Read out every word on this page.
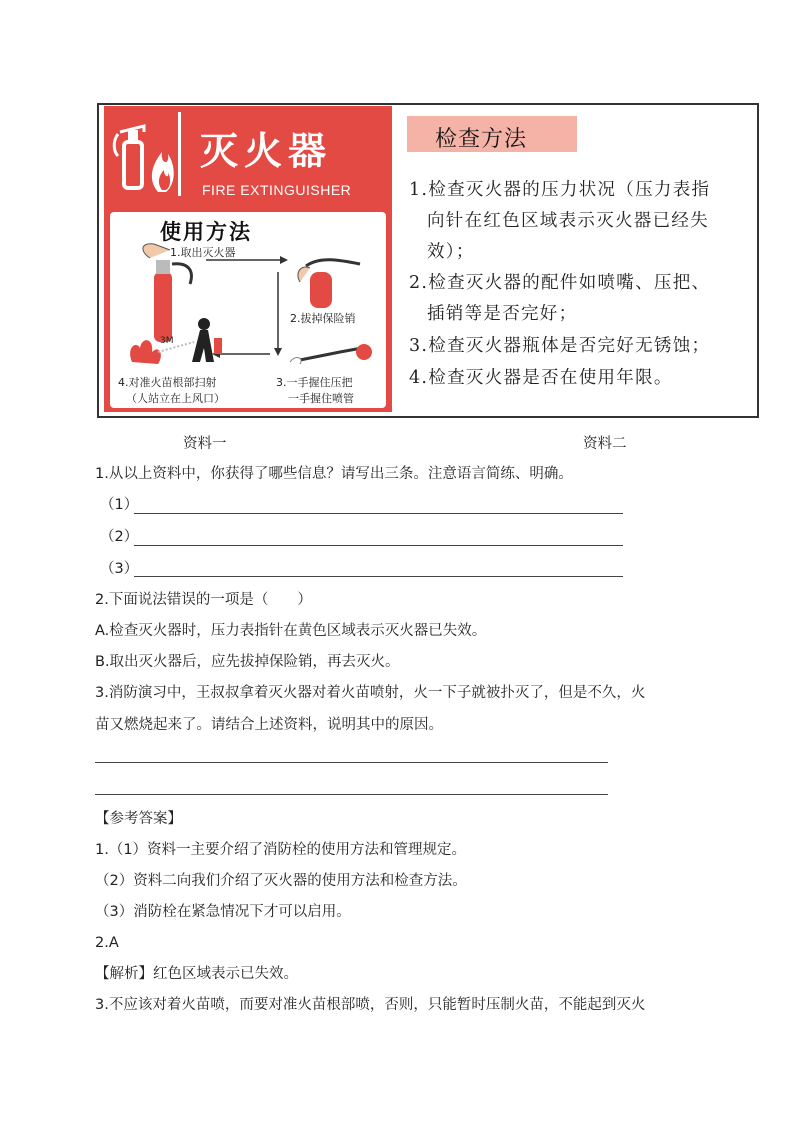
灭火器
FIRE EXTINGUISHER
使用方法
1.取出灭火器
2.拔掉保险销
3M
3.一手握住压把
一手握住喷管
4.对准火苗根部扫射
（人站立在上风口）
检查方法
1.检查灭火器的压力状况（压力表指
向针在红色区域表示灭火器已经失
效）；
2.检查灭火器的配件如喷嘴、压把、
插销等是否完好；
3.检查灭火器瓶体是否完好无锈蚀；
4.检查灭火器是否在使用年限。
资料一	资料二
1.从以上资料中，你获得了哪些信息？请写出三条。注意语言简练、明确。
（1）
（2）
（3）
2.下面说法错误的一项是（　　）
A.检查灭火器时，压力表指针在黄色区域表示灭火器已失效。
B.取出灭火器后，应先拔掉保险销，再去灭火。
3.消防演习中，王叔叔拿着灭火器对着火苗喷射，火一下子就被扑灭了，但是不久，火
苗又燃烧起来了。请结合上述资料，说明其中的原因。
【参考答案】
1.（1）资料一主要介绍了消防栓的使用方法和管理规定。
（2）资料二向我们介绍了灭火器的使用方法和检查方法。
（3）消防栓在紧急情况下才可以启用。
2.A
【解析】红色区域表示已失效。
3.不应该对着火苗喷，而要对准火苗根部喷，否则，只能暂时压制火苗，不能起到灭火
